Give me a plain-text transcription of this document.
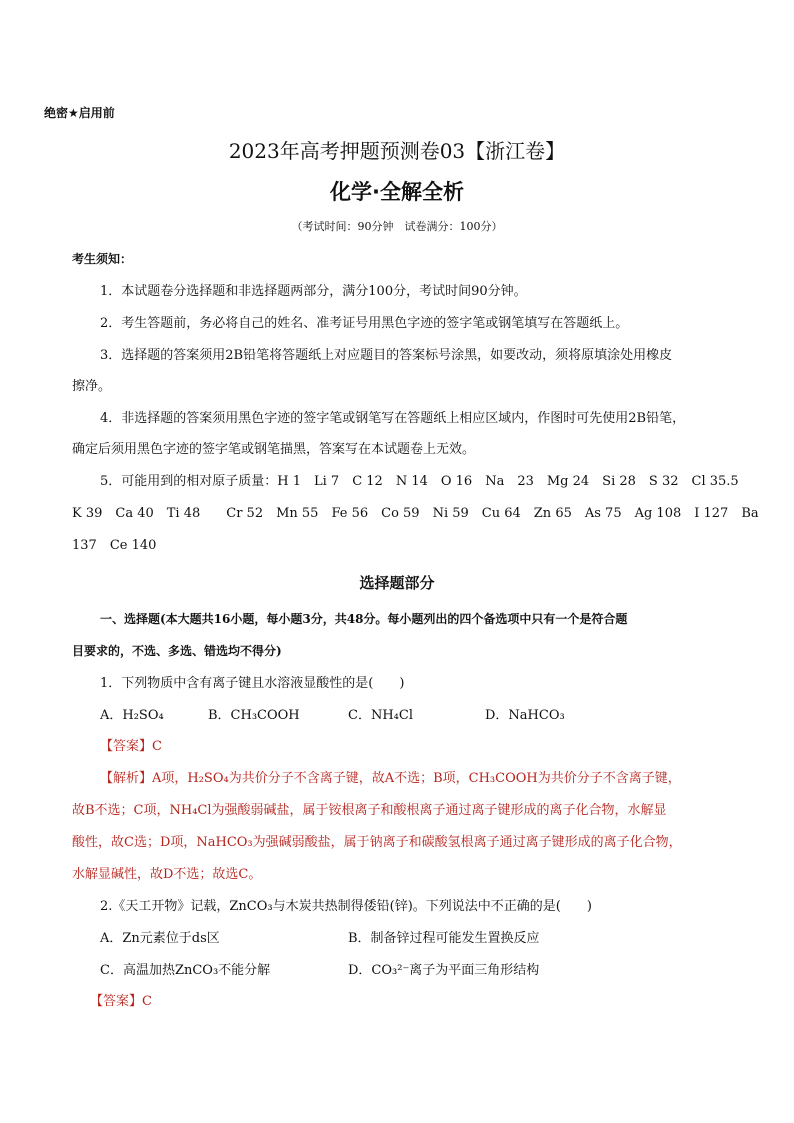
绝密★启用前
2023年高考押题预测卷03【浙江卷】
化学·全解全析
（考试时间：90分钟　试卷满分：100分）
考生须知：
1．本试题卷分选择题和非选择题两部分，满分100分，考试时间90分钟。
2．考生答题前，务必将自己的姓名、准考证号用黑色字迹的签字笔或钢笔填写在答题纸上。
3．选择题的答案须用2B铅笔将答题纸上对应题目的答案标号涂黑，如要改动，须将原填涂处用橡皮
擦净。
4．非选择题的答案须用黑色字迹的签字笔或钢笔写在答题纸上相应区域内，作图时可先使用2B铅笔，
确定后须用黑色字迹的签字笔或钢笔描黑，答案写在本试题卷上无效。
5．可能用到的相对原子质量：H 1　Li 7　C 12　N 14　O 16　Na　23　Mg 24　Si 28　S 32　Cl 35.5
K 39　Ca 40　Ti 48　　Cr 52　Mn 55　Fe 56　Co 59　Ni 59　Cu 64　Zn 65　As 75　Ag 108　I 127　Ba
137　Ce 140
选择题部分
一、选择题(本大题共16小题，每小题3分，共48分。每小题列出的四个备选项中只有一个是符合题
目要求的，不选、多选、错选均不得分)
1．下列物质中含有离子键且水溶液显酸性的是(　　)
A．H₂SO₄	B．CH₃COOH	C．NH₄Cl	D．NaHCO₃
【答案】C
【解析】A项，H₂SO₄为共价分子不含离子键，故A不选；B项，CH₃COOH为共价分子不含离子键，
故B不选；C项，NH₄Cl为强酸弱碱盐，属于铵根离子和酸根离子通过离子键形成的离子化合物，水解显
酸性，故C选；D项，NaHCO₃为强碱弱酸盐，属于钠离子和碳酸氢根离子通过离子键形成的离子化合物，
水解显碱性，故D不选；故选C。
2.《天工开物》记载，ZnCO₃与木炭共热制得倭铅(锌)。下列说法中不正确的是(　　)
A．Zn元素位于ds区	B．制备锌过程可能发生置换反应
C．高温加热ZnCO₃不能分解	D．CO₃²⁻离子为平面三角形结构
【答案】C
